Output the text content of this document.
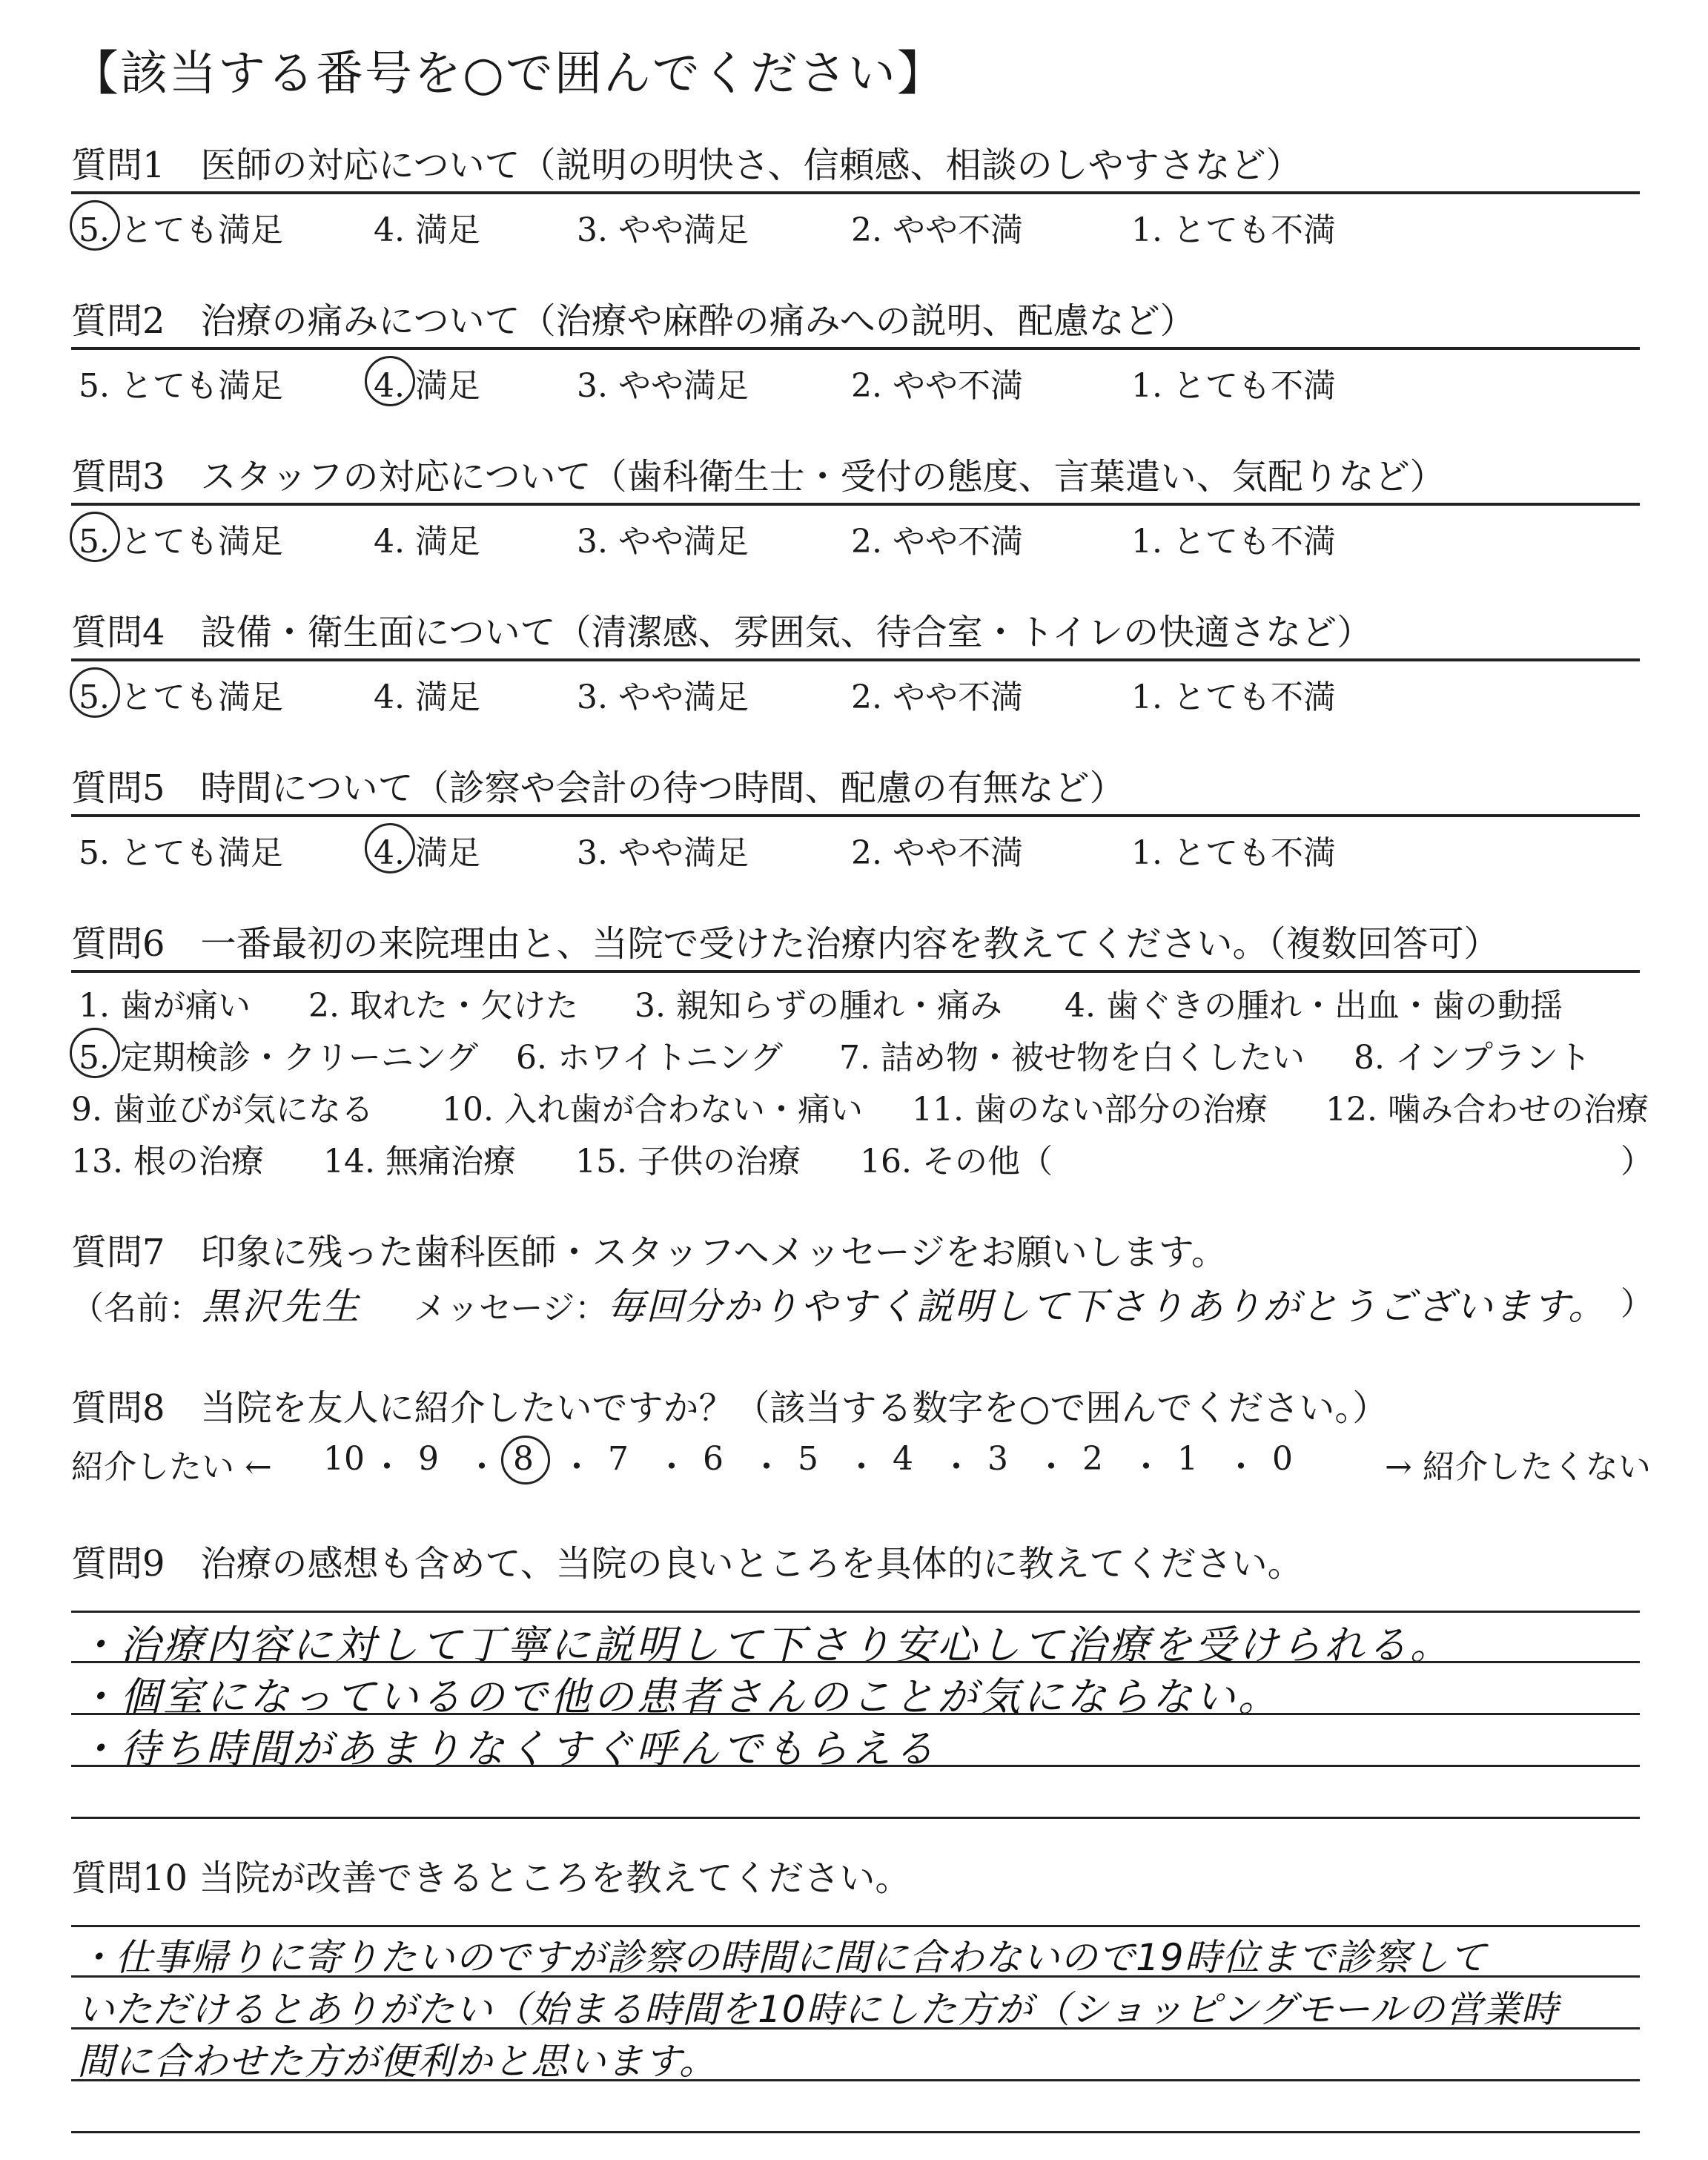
【該当する番号を○で囲んでください】
質問1　医師の対応について（説明の明快さ、信頼感、相談のしやすさなど）
5. とても満足	4. 満足	3. やや満足	2. やや不満	1. とても不満
質問2　治療の痛みについて（治療や麻酔の痛みへの説明、配慮など）
5. とても満足	4. 満足	3. やや満足	2. やや不満	1. とても不満
質問3　スタッフの対応について（歯科衛生士・受付の態度、言葉遣い、気配りなど）
5. とても満足	4. 満足	3. やや満足	2. やや不満	1. とても不満
質問4　設備・衛生面について（清潔感、雰囲気、待合室・トイレの快適さなど）
5. とても満足	4. 満足	3. やや満足	2. やや不満	1. とても不満
質問5　時間について（診察や会計の待つ時間、配慮の有無など）
5. とても満足	4. 満足	3. やや満足	2. やや不満	1. とても不満
質問6　一番最初の来院理由と、当院で受けた治療内容を教えてください。（複数回答可）
1. 歯が痛い 2. 取れた・欠けた 3. 親知らずの腫れ・痛み 4. 歯ぐきの腫れ・出血・歯の動揺
5. 定期検診・クリーニング 6. ホワイトニング 7. 詰め物・被せ物を白くしたい 8. インプラント
9. 歯並びが気になる 10. 入れ歯が合わない・痛い 11. 歯のない部分の治療 12. 噛み合わせの治療
13. 根の治療 14. 無痛治療 15. 子供の治療 16. その他（	）
質問7　印象に残った歯科医師・スタッフへメッセージをお願いします。
（名前：黒沢先生 メッセージ：毎回分かりやすく説明して下さりありがとうございます。 ）
質問8　当院を友人に紹介したいですか？（該当する数字を○で囲んでください。）
紹介したい ←	→ 紹介したくない
10 ・ 9 ・ 8 ・ 7 ・ 6 ・ 5 ・ 4 ・ 3 ・ 2 ・ 1 ・ 0
質問9　治療の感想も含めて、当院の良いところを具体的に教えてください。
・治療内容に対して丁寧に説明して下さり安心して治療を受けられる。
・個室になっているので他の患者さんのことが気にならない。
・待ち時間があまりなくすぐ呼んでもらえる
質問10 当院が改善できるところを教えてください。
・仕事帰りに寄りたいのですが診察の時間に間に合わないので19時位まで診察して
いただけるとありがたい（始まる時間を10時にした方が（ショッピングモールの営業時
間に合わせた方が便利かと思います。
